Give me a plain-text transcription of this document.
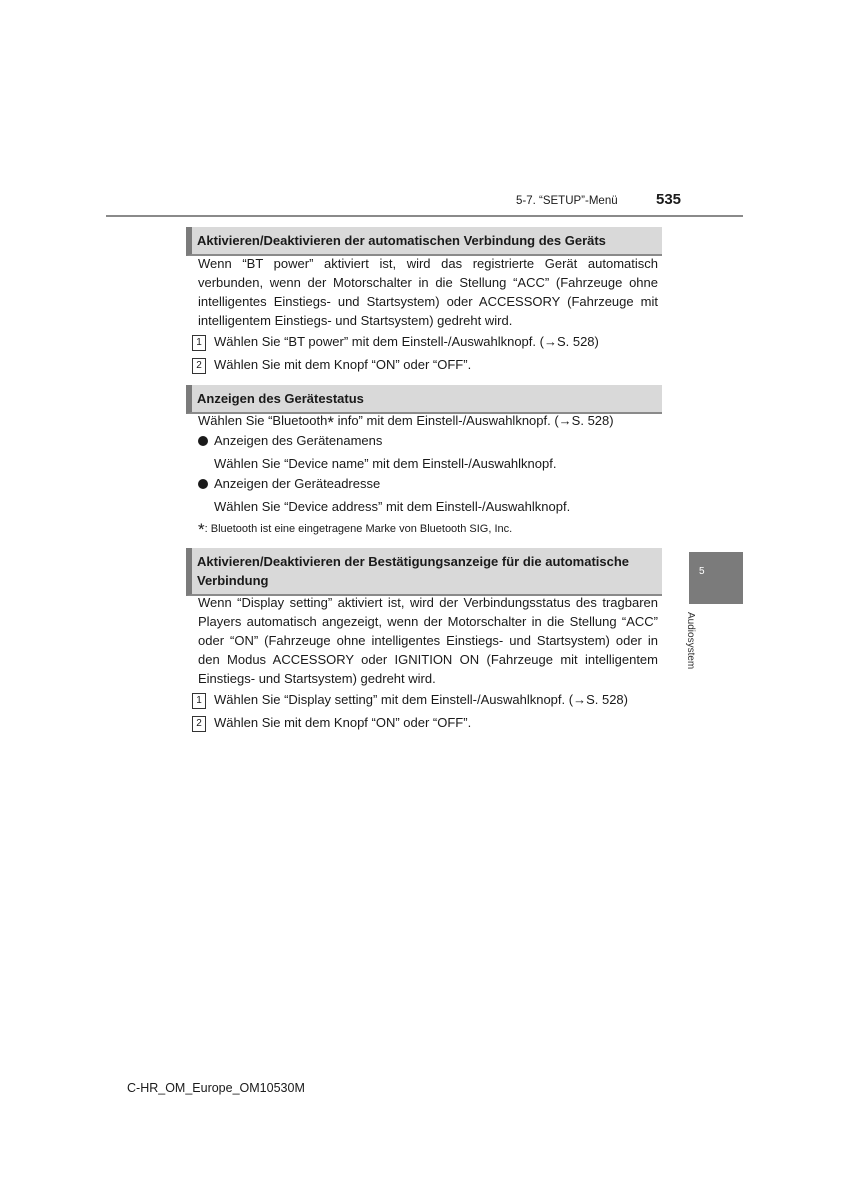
5-7. “SETUP”-Menü	535
Aktivieren/Deaktivieren der automatischen Verbindung des Geräts
Wenn “BT power” aktiviert ist, wird das registrierte Gerät automatisch verbunden, wenn der Motorschalter in die Stellung “ACC” (Fahrzeuge ohne intelligentes Einstiegs- und Startsystem) oder ACCESSORY (Fahrzeuge mit intelligentem Einstiegs- und Startsystem) gedreht wird.
1 Wählen Sie “BT power” mit dem Einstell-/Auswahlknopf. (→S. 528)
2 Wählen Sie mit dem Knopf “ON” oder “OFF”.
Anzeigen des Gerätestatus
Wählen Sie “Bluetooth* info” mit dem Einstell-/Auswahlknopf. (→S. 528)
Anzeigen des Gerätenamens
Wählen Sie “Device name” mit dem Einstell-/Auswahlknopf.
Anzeigen der Geräteadresse
Wählen Sie “Device address” mit dem Einstell-/Auswahlknopf.
*: Bluetooth ist eine eingetragene Marke von Bluetooth SIG, Inc.
Aktivieren/Deaktivieren der Bestätigungsanzeige für die automatische Verbindung
Wenn “Display setting” aktiviert ist, wird der Verbindungsstatus des tragbaren Players automatisch angezeigt, wenn der Motorschalter in die Stellung “ACC” oder “ON” (Fahrzeuge ohne intelligentes Einstiegs- und Startsystem) oder in den Modus ACCESSORY oder IGNITION ON (Fahrzeuge mit intelligentem Einstiegs- und Startsystem) gedreht wird.
1 Wählen Sie “Display setting” mit dem Einstell-/Auswahlknopf. (→S. 528)
2 Wählen Sie mit dem Knopf “ON” oder “OFF”.
5
Audiosystem
C-HR_OM_Europe_OM10530M
